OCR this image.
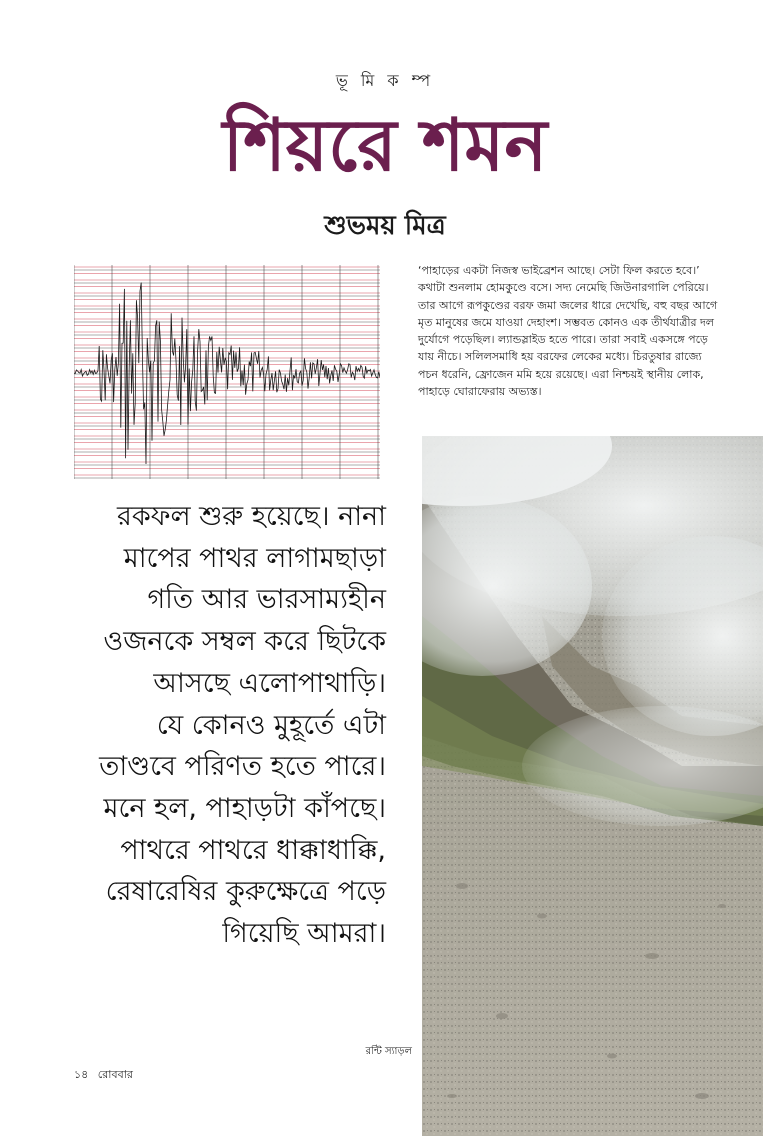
ভূ মি ক ম্প
শিয়রে শমন
শুভময় মিত্র

‘পাহাড়ের একটা নিজস্ব ভাইব্রেশন আছে। সেটা ফিল করতে হবে।’ কথাটা শুনলাম হোমকুণ্ডে বসে। সদ্য নেমেছি জিউনারগালি পেরিয়ে। তার আগে রূপকুণ্ডের বরফ জমা জলের ধারে দেখেছি, বহু বছর আগে মৃত মানুষের জমে যাওয়া দেহাংশ। সম্ভবত কোনও এক তীর্থযাত্রীর দল দুর্যোগে পড়েছিল। ল্যান্ডস্লাইড হতে পারে। তারা সবাই একসঙ্গে পড়ে যায় নীচে। সলিলসমাধি হয় বরফের লেকের মধ্যে। চিরতুষার রাজ্যে পচন ধরেনি, ফ্রোজেন মমি হয়ে রয়েছে। এরা নিশ্চয়ই স্থানীয় লোক, পাহাড়ে ঘোরাফেরায় অভ্যস্ত।

রকফল শুরু হয়েছে। নানা
মাপের পাথর লাগামছাড়া
গতি আর ভারসাম্যহীন
ওজনকে সম্বল করে ছিটকে
আসছে এলোপাথাড়ি।
যে কোনও মুহূর্তে এটা
তাণ্ডবে পরিণত হতে পারে।
মনে হল, পাহাড়টা কাঁপছে।
পাথরে পাথরে ধাক্কাধাক্কি,
রেষারেষির কুরুক্ষেত্রে পড়ে
গিয়েছি আমরা।
রন্টি স্যাড়ল
১৪ রোববার
